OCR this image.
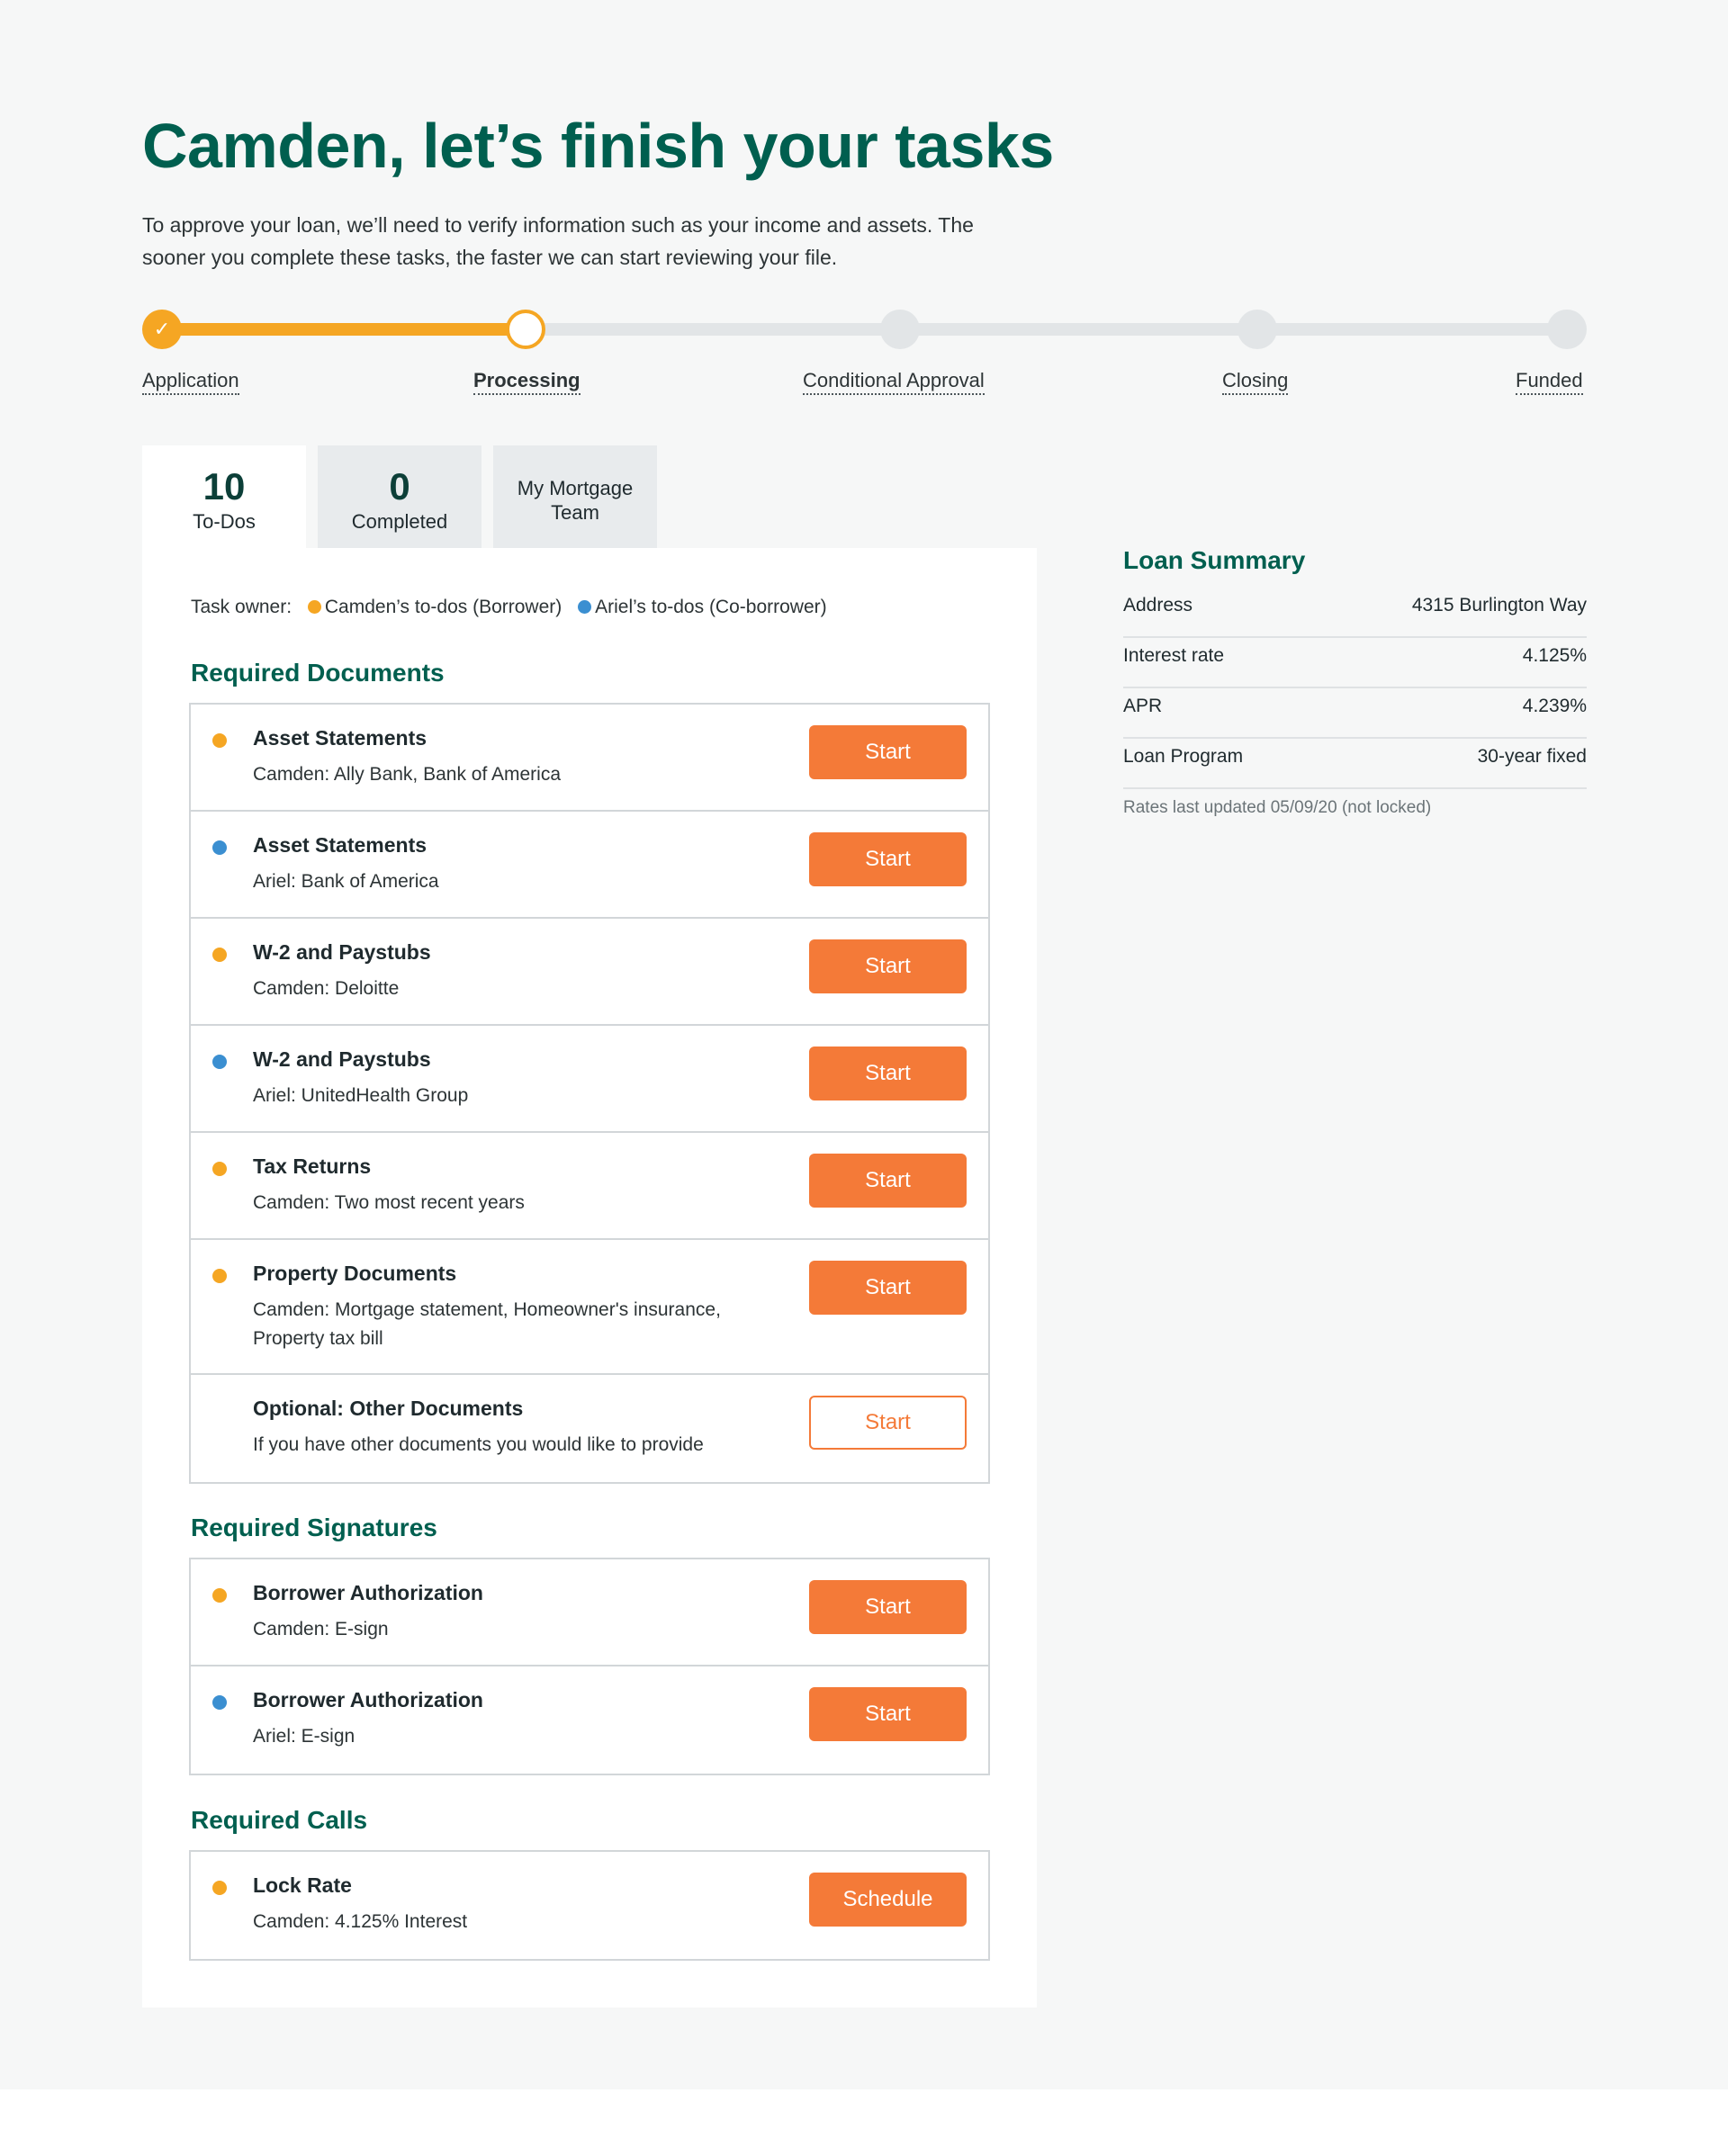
Camden, let’s finish your tasks

To approve your loan, we’ll need to verify information such as your income and assets. The sooner you complete these tasks, the faster we can start reviewing your file.

✓
Application	Processing	Conditional Approval	Closing	Funded
10
To-Dos
0
Completed
My Mortgage
Team
Task owner: Camden’s to-dos (Borrower) Ariel’s to-dos (Co-borrower)
Required Documents
Asset Statements
Camden: Ally Bank, Bank of America
Start
Asset Statements
Ariel: Bank of America
Start
W-2 and Paystubs
Camden: Deloitte
Start
W-2 and Paystubs
Ariel: UnitedHealth Group
Start
Tax Returns
Camden: Two most recent years
Start
Property Documents
Camden: Mortgage statement, Homeowner's insurance, Property tax bill
Start
Optional: Other Documents
If you have other documents you would like to provide
Start
Required Signatures
Borrower Authorization
Camden: E-sign
Start
Borrower Authorization
Ariel: E-sign
Start
Required Calls
Lock Rate
Camden: 4.125% Interest
Schedule
Loan Summary
Address	4315 Burlington Way
Interest rate	4.125%
APR	4.239%
Loan Program	30-year fixed

Rates last updated 05/09/20 (not locked)
